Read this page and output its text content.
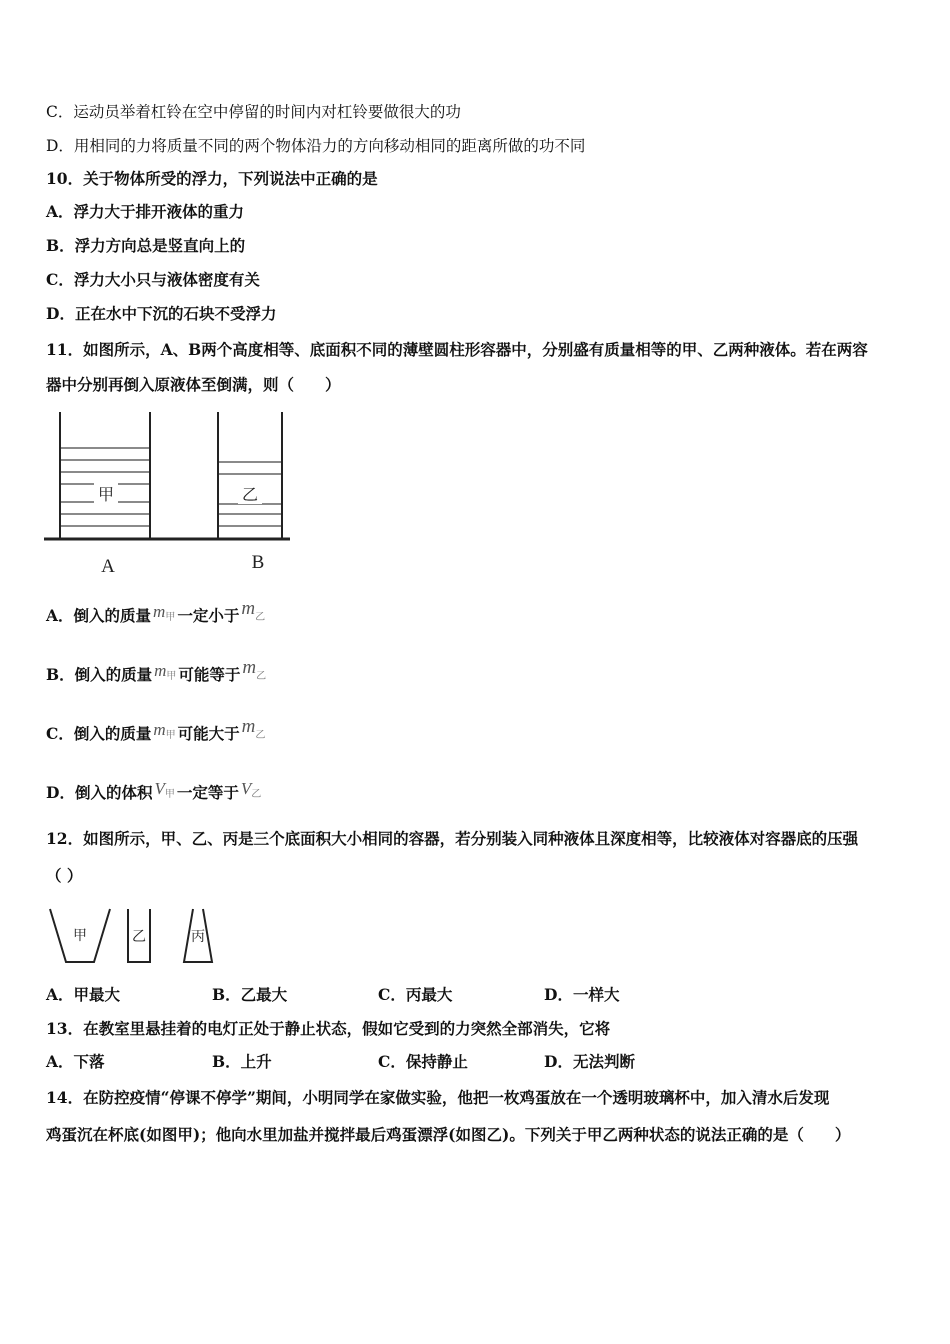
C．运动员举着杠铃在空中停留的时间内对杠铃要做很大的功
D．用相同的力将质量不同的两个物体沿力的方向移动相同的距离所做的功不同
10．关于物体所受的浮力，下列说法中正确的是
A．浮力大于排开液体的重力
B．浮力方向总是竖直向上的
C．浮力大小只与液体密度有关
D．正在水中下沉的石块不受浮力
11．如图所示，A、B两个高度相等、底面积不同的薄壁圆柱形容器中，分别盛有质量相等的甲、乙两种液体。若在两容
器中分别再倒入原液体至倒满，则（　　）
甲	乙
A	B
A．倒入的质量 m甲 一定小于 m乙
B．倒入的质量 m甲 可能等于 m乙
C．倒入的质量 m甲 可能大于 m乙
D．倒入的体积 V甲 一定等于 V乙
12．如图所示，甲、乙、丙是三个底面积大小相同的容器，若分别装入同种液体且深度相等，比较液体对容器底的压强
（ ）
甲	乙	丙
A．甲最大	B．乙最大	C．丙最大	D．一样大
13．在教室里悬挂着的电灯正处于静止状态，假如它受到的力突然全部消失，它将
A．下落	B．上升	C．保持静止	D．无法判断
14．在防控疫情“停课不停学”期间，小明同学在家做实验，他把一枚鸡蛋放在一个透明玻璃杯中，加入清水后发现
鸡蛋沉在杯底(如图甲)；他向水里加盐并搅拌最后鸡蛋漂浮(如图乙)。下列关于甲乙两种状态的说法正确的是（　　）
